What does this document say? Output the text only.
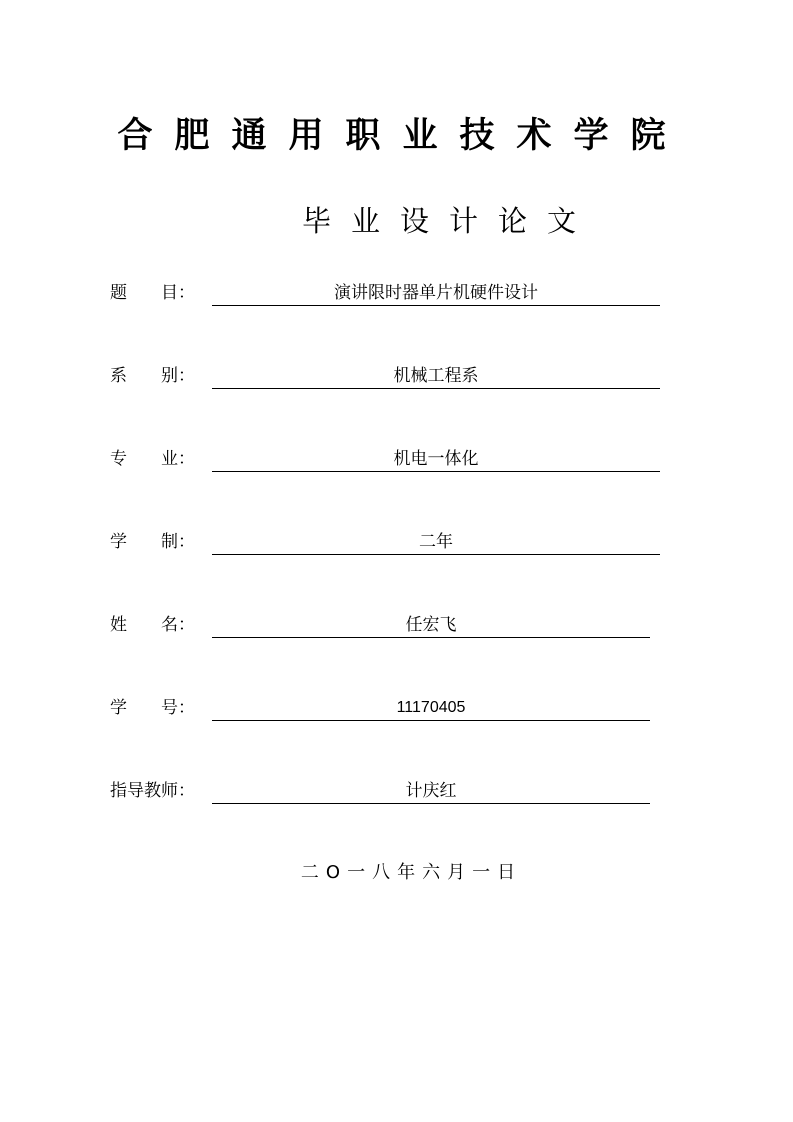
合肥通用职业技术学院
毕业设计论文
题　　目：	演讲限时器单片机硬件设计
系　　别：	机械工程系
专　　业：	机电一体化
学　　制：	二年
姓　　名：	任宏飞
学　　号：	11170405
指导教师：	计庆红
二O一八年六月一日
